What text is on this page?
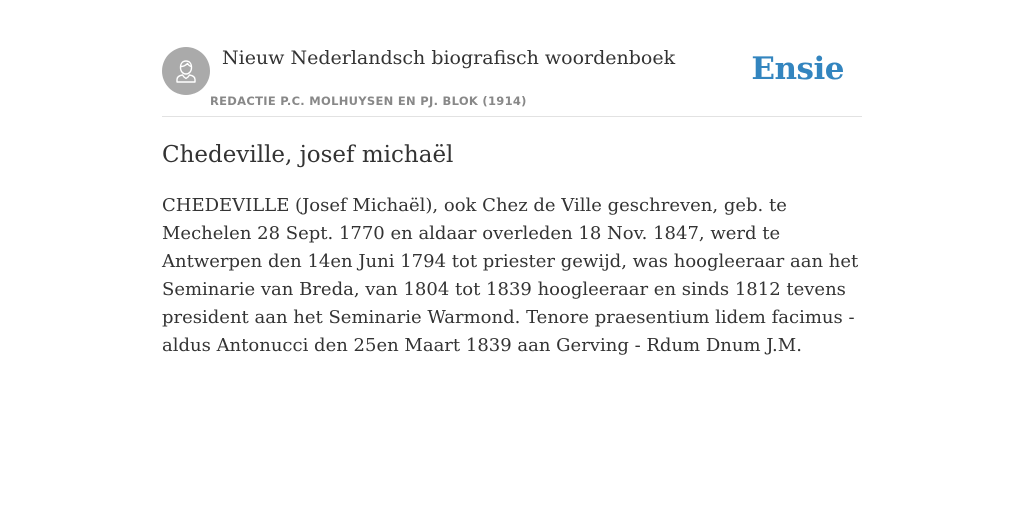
Nieuw Nederlandsch biografisch woordenboek
REDACTIE P.C. MOLHUYSEN EN PJ. BLOK (1914)
Ensie
Chedeville, josef michaël

CHEDEVILLE (Josef Michaël), ook Chez de Ville geschreven, geb. te Mechelen 28 Sept. 1770 en aldaar overleden 18 Nov. 1847, werd te Antwerpen den 14en Juni 1794 tot priester gewijd, was hoogleeraar aan het Seminarie van Breda, van 1804 tot 1839 hoogleeraar en sinds 1812 tevens president aan het Seminarie Warmond. Tenore praesentium lidem facimus - aldus Antonucci den 25en Maart 1839 aan Gerving - Rdum Dnum J.M.
